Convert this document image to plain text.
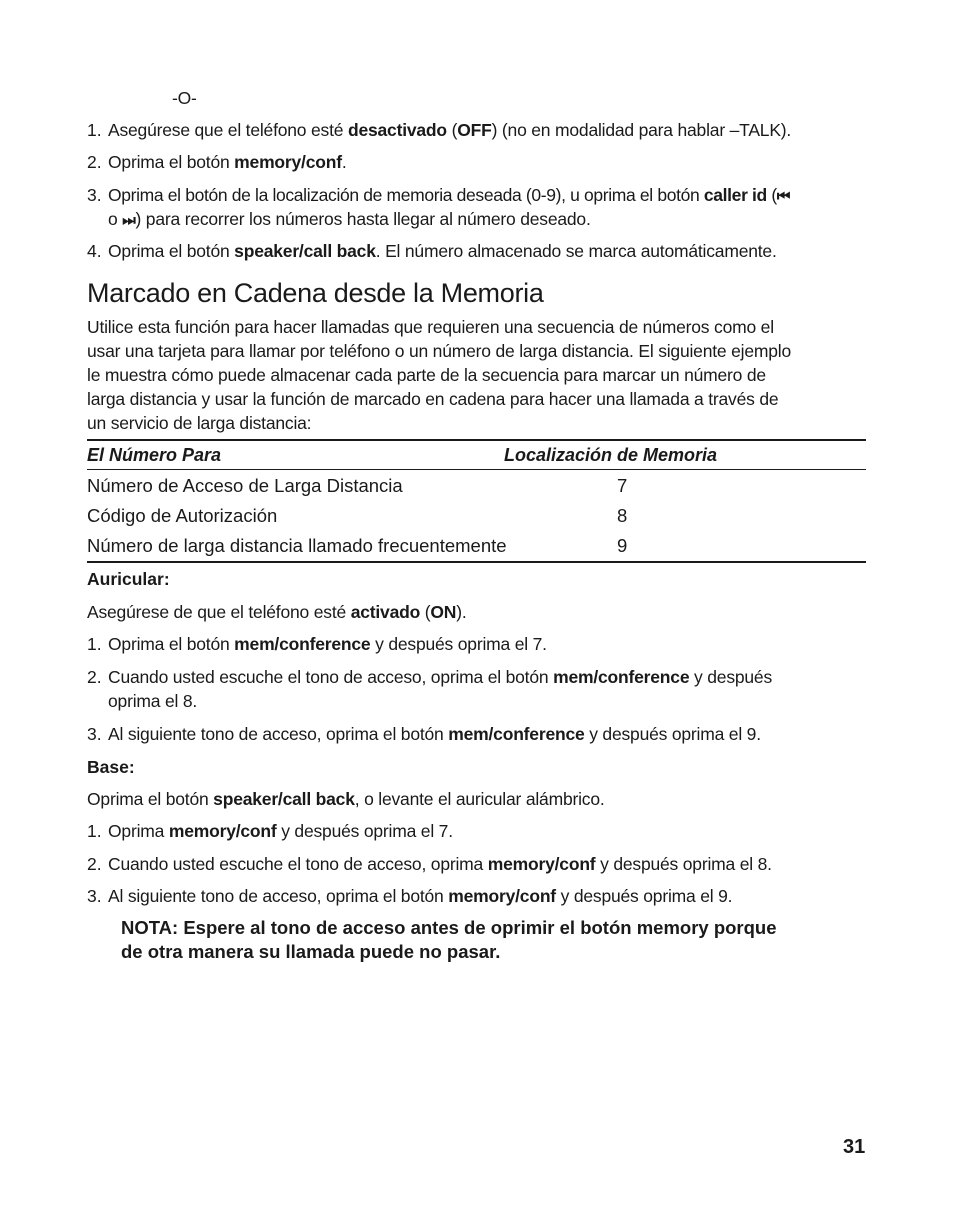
-O-
1. Asegúrese que el teléfono esté desactivado (OFF) (no en modalidad para hablar –TALK).
2. Oprima el botón memory/conf.
3. Oprima el botón de la localización de memoria deseada (0-9), u oprima el botón caller id (⏮
o ⏭) para recorrer los números hasta llegar al número deseado.
4. Oprima el botón speaker/call back. El número almacenado se marca automáticamente.
Marcado en Cadena desde la Memoria
Utilice esta función para hacer llamadas que requieren una secuencia de números como el
usar una tarjeta para llamar por teléfono o un número de larga distancia. El siguiente ejemplo
le muestra cómo puede almacenar cada parte de la secuencia para marcar un número de
larga distancia y usar la función de marcado en cadena para hacer una llamada a través de
un servicio de larga distancia:
El Número Para	Localización de Memoria
Número de Acceso de Larga Distancia	7
Código de Autorización	8
Número de larga distancia llamado frecuentemente	9
Auricular:
Asegúrese de que el teléfono esté activado (ON).
1. Oprima el botón mem/conference y después oprima el 7.
2. Cuando usted escuche el tono de acceso, oprima el botón mem/conference y después
oprima el 8.
3. Al siguiente tono de acceso, oprima el botón mem/conference y después oprima el 9.
Base:
Oprima el botón speaker/call back, o levante el auricular alámbrico.
1. Oprima memory/conf y después oprima el 7.
2. Cuando usted escuche el tono de acceso, oprima memory/conf y después oprima el 8.
3. Al siguiente tono de acceso, oprima el botón memory/conf y después oprima el 9.
NOTA: Espere al tono de acceso antes de oprimir el botón memory porque
de otra manera su llamada puede no pasar.
31
